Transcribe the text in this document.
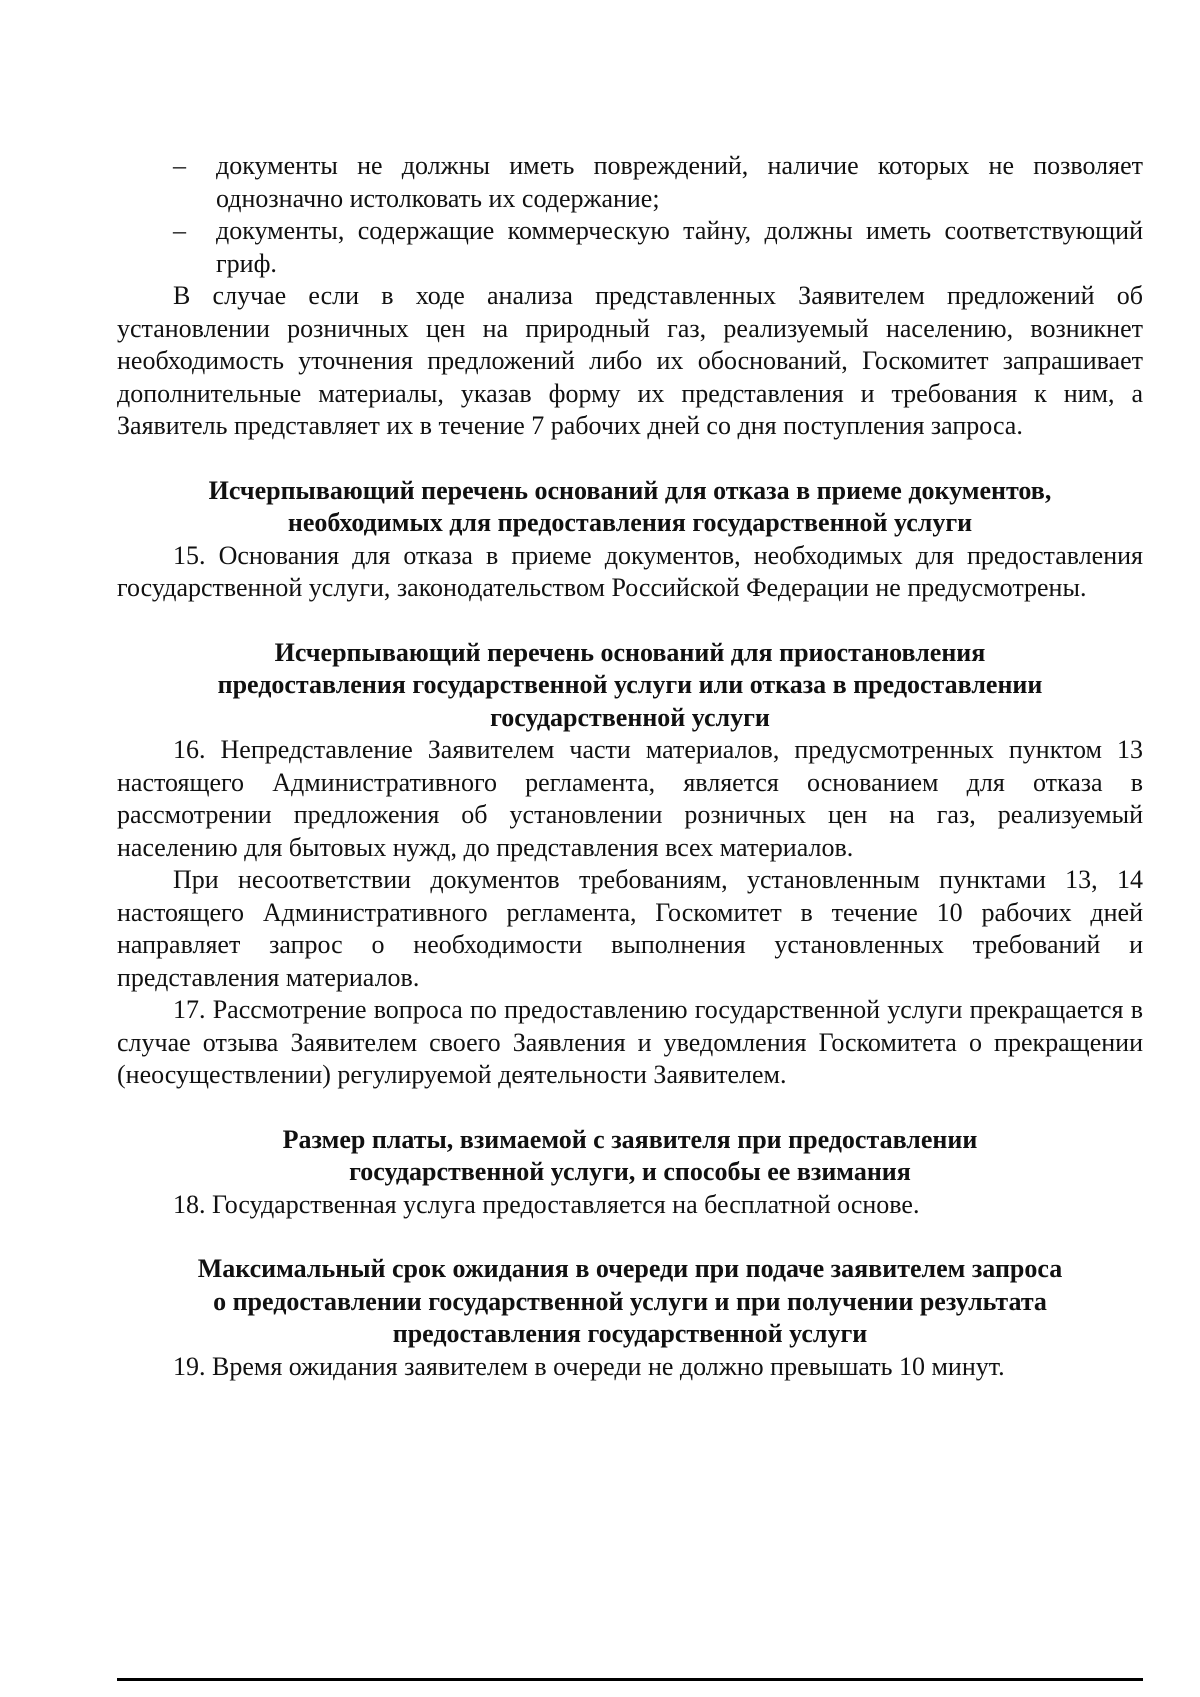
– документы не должны иметь повреждений, наличие которых не позволяет однозначно истолковать их содержание;
– документы, содержащие коммерческую тайну, должны иметь соответствующий гриф.

В случае если в ходе анализа представленных Заявителем предложений об установлении розничных цен на природный газ, реализуемый населению, возникнет необходимость уточнения предложений либо их обоснований, Госкомитет запрашивает дополнительные материалы, указав форму их представления и требования к ним, а Заявитель представляет их в течение 7 рабочих дней со дня поступления запроса.

Исчерпывающий перечень оснований для отказа в приеме документов,
необходимых для предоставления государственной услуги

15. Основания для отказа в приеме документов, необходимых для предоставления государственной услуги, законодательством Российской Федерации не предусмотрены.

Исчерпывающий перечень оснований для приостановления
предоставления государственной услуги или отказа в предоставлении
государственной услуги

16. Непредставление Заявителем части материалов, предусмотренных пунктом 13 настоящего Административного регламента, является основанием для отказа в рассмотрении предложения об установлении розничных цен на газ, реализуемый населению для бытовых нужд, до представления всех материалов.

При несоответствии документов требованиям, установленным пунктами 13, 14 настоящего Административного регламента, Госкомитет в течение 10 рабочих дней направляет запрос о необходимости выполнения установленных требований и представления материалов.

17. Рассмотрение вопроса по предоставлению государственной услуги прекращается в случае отзыва Заявителем своего Заявления и уведомления Госкомитета о прекращении (неосуществлении) регулируемой деятельности Заявителем.

Размер платы, взимаемой с заявителя при предоставлении
государственной услуги, и способы ее взимания

18. Государственная услуга предоставляется на бесплатной основе.

Максимальный срок ожидания в очереди при подаче заявителем запроса
о предоставлении государственной услуги и при получении результата
предоставления государственной услуги

19. Время ожидания заявителем в очереди не должно превышать 10 минут.
